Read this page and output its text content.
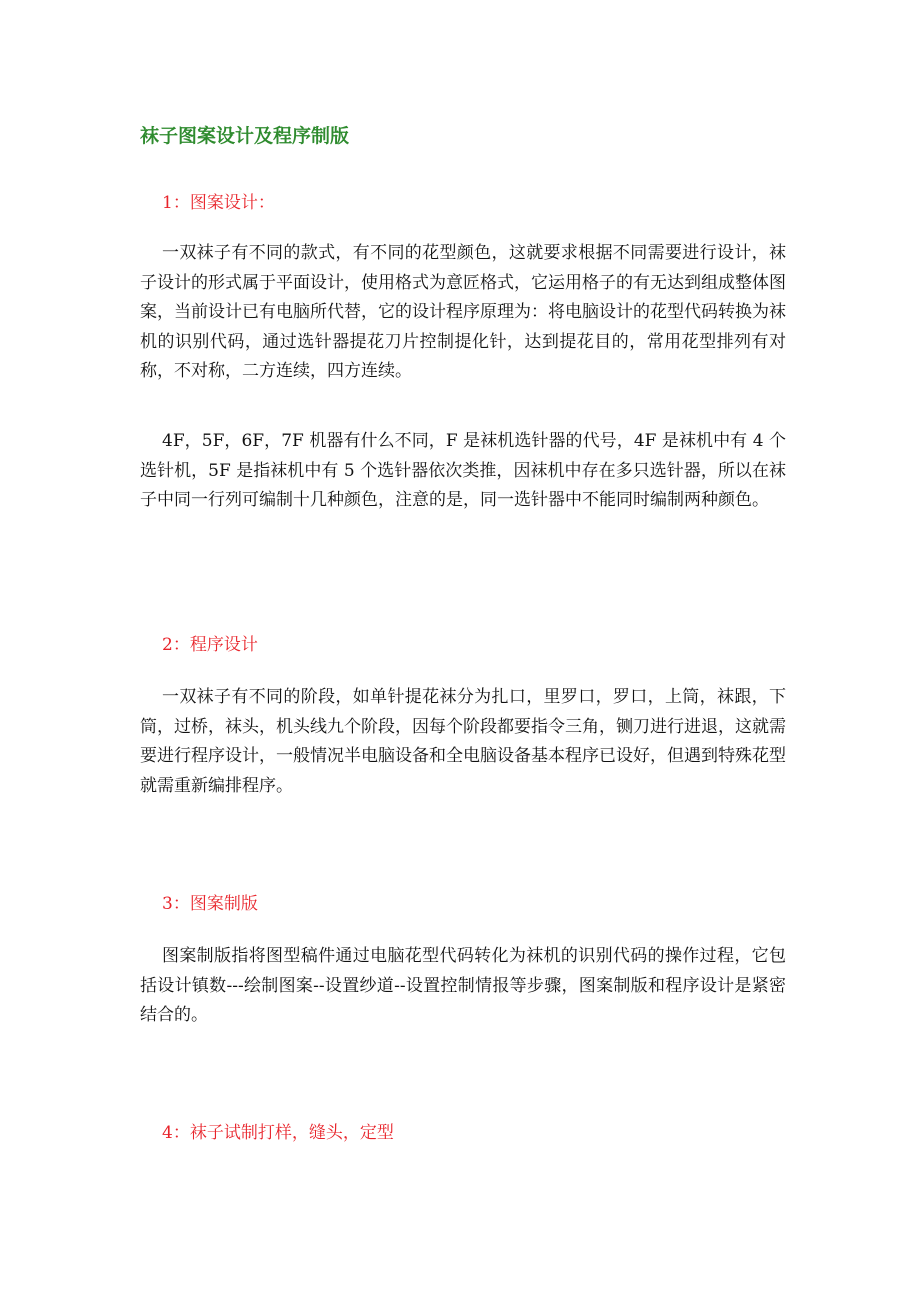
袜子图案设计及程序制版
1：图案设计：

一双袜子有不同的款式，有不同的花型颜色，这就要求根据不同需要进行设计，袜子设计的形式属于平面设计，使用格式为意匠格式，它运用格子的有无达到组成整体图案，当前设计已有电脑所代替，它的设计程序原理为：将电脑设计的花型代码转换为袜机的识别代码，通过选针器提花刀片控制提化针，达到提花目的，常用花型排列有对称，不对称，二方连续，四方连续。

4F，5F，6F，7F 机器有什么不同，F 是袜机选针器的代号，4F 是袜机中有 4 个选针机，5F 是指袜机中有 5 个选针器依次类推，因袜机中存在多只选针器，所以在袜子中同一行列可编制十几种颜色，注意的是，同一选针器中不能同时编制两种颜色。

2：程序设计

一双袜子有不同的阶段，如单针提花袜分为扎口，里罗口，罗口，上筒，袜跟，下筒，过桥，袜头，机头线九个阶段，因每个阶段都要指令三角，铡刀进行进退，这就需要进行程序设计，一般情况半电脑设备和全电脑设备基本程序已设好，但遇到特殊花型就需重新编排程序。

3：图案制版

图案制版指将图型稿件通过电脑花型代码转化为袜机的识别代码的操作过程，它包括设计镇数---绘制图案--设置纱道--设置控制情报等步骤，图案制版和程序设计是紧密结合的。

4：袜子试制打样，缝头，定型
